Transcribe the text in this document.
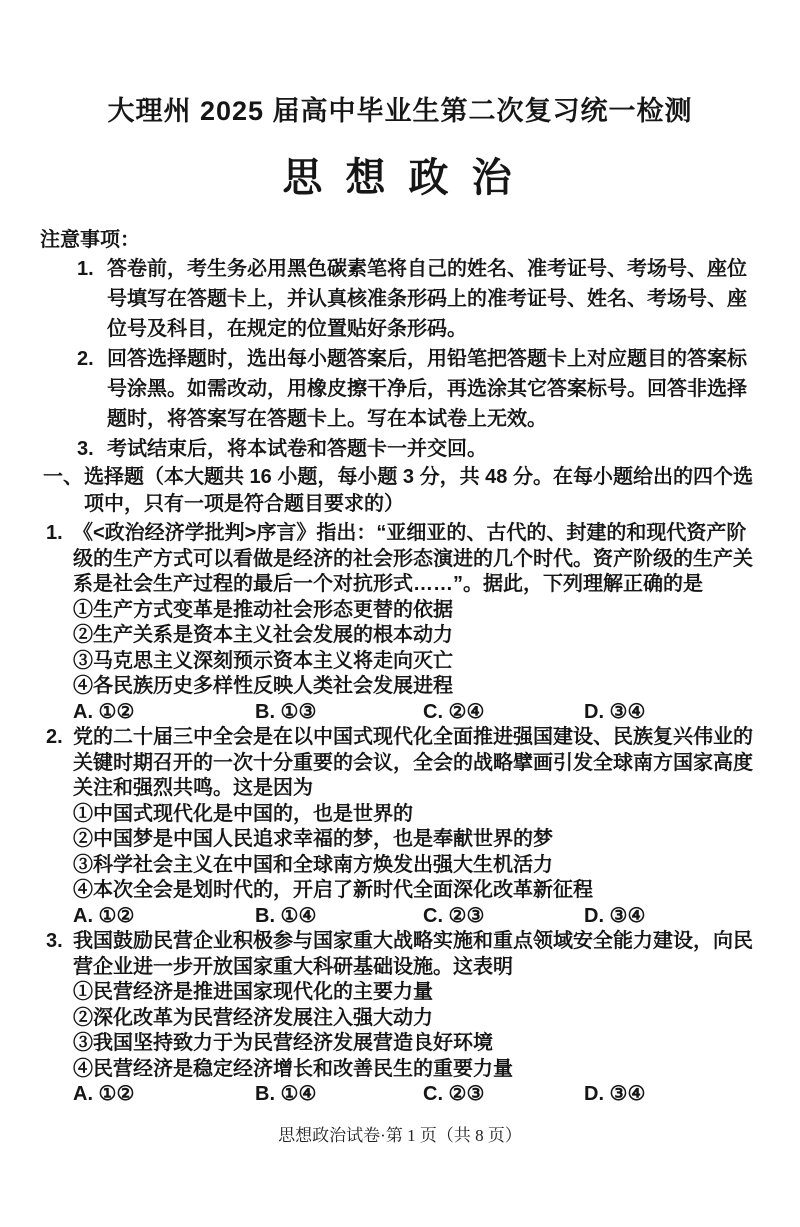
大理州 2025 届高中毕业生第二次复习统一检测
思 想 政 治
注意事项：
1. 答卷前，考生务必用黑色碳素笔将自己的姓名、准考证号、考场号、座位号填写在答题卡上，并认真核准条形码上的准考证号、姓名、考场号、座位号及科目，在规定的位置贴好条形码。
2. 回答选择题时，选出每小题答案后，用铅笔把答题卡上对应题目的答案标号涂黑。如需改动，用橡皮擦干净后，再选涂其它答案标号。回答非选择题时，将答案写在答题卡上。写在本试卷上无效。
3. 考试结束后，将本试卷和答题卡一并交回。
一、 选择题（本大题共 16 小题，每小题 3 分，共 48 分。在每小题给出的四个选项中，只有一项是符合题目要求的）
1. 《<政治经济学批判>序言》指出：“亚细亚的、古代的、封建的和现代资产阶级的生产方式可以看做是经济的社会形态演进的几个时代。资产阶级的生产关系是社会生产过程的最后一个对抗形式……”。据此，下列理解正确的是
①生产方式变革是推动社会形态更替的依据
②生产关系是资本主义社会发展的根本动力
③马克思主义深刻预示资本主义将走向灭亡
④各民族历史多样性反映人类社会发展进程
A. ①②	B. ①③	C. ②④	D. ③④
2. 党的二十届三中全会是在以中国式现代化全面推进强国建设、民族复兴伟业的关键时期召开的一次十分重要的会议，全会的战略擘画引发全球南方国家高度关注和强烈共鸣。这是因为
①中国式现代化是中国的，也是世界的
②中国梦是中国人民追求幸福的梦，也是奉献世界的梦
③科学社会主义在中国和全球南方焕发出强大生机活力
④本次全会是划时代的，开启了新时代全面深化改革新征程
A. ①②	B. ①④	C. ②③	D. ③④
3. 我国鼓励民营企业积极参与国家重大战略实施和重点领域安全能力建设，向民营企业进一步开放国家重大科研基础设施。这表明
①民营经济是推进国家现代化的主要力量
②深化改革为民营经济发展注入强大动力
③我国坚持致力于为民营经济发展营造良好环境
④民营经济是稳定经济增长和改善民生的重要力量
A. ①②	B. ①④	C. ②③	D. ③④
思想政治试卷·第 1 页（共 8 页）
